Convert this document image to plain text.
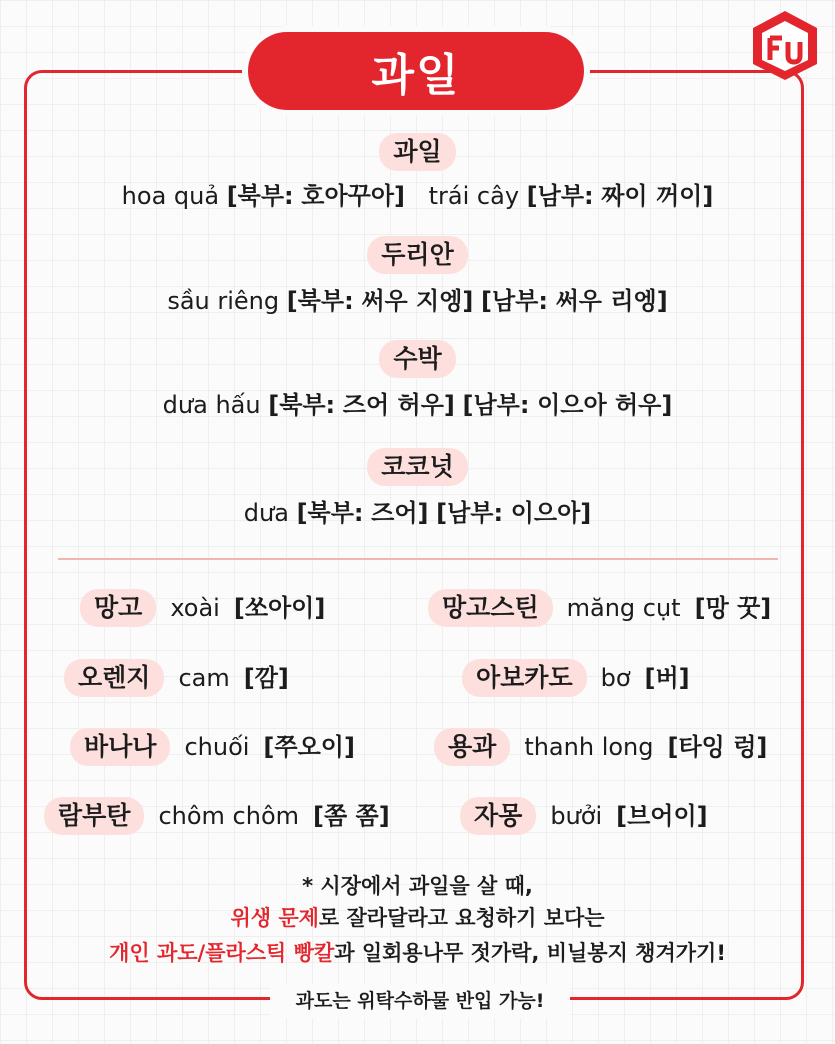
과일
과일
hoa quả [북부: 호아꾸아] trái cây [남부: 짜이 꺼이]
두리안
sầu riêng [북부: 써우 지엥] [남부: 써우 리엥]
수박
dưa hấu [북부: 즈어 허우] [남부: 이으아 허우]
코코넛
dưa [북부: 즈어] [남부: 이으아]
망고 xoài [쏘아이]	망고스틴 măng cụt [망 꿋]
오렌지 cam [깜]	아보카도 bơ [버]
바나나 chuối [쭈오이]	용과 thanh long [타잉 렁]
람부탄 chôm chôm [쫌 쫌]	자몽 bưởi [브어이]
* 시장에서 과일을 살 때,
위생 문제로 잘라달라고 요청하기 보다는
개인 과도/플라스틱 빵칼과 일회용나무 젓가락, 비닐봉지 챙겨가기!
과도는 위탁수하물 반입 가능!
